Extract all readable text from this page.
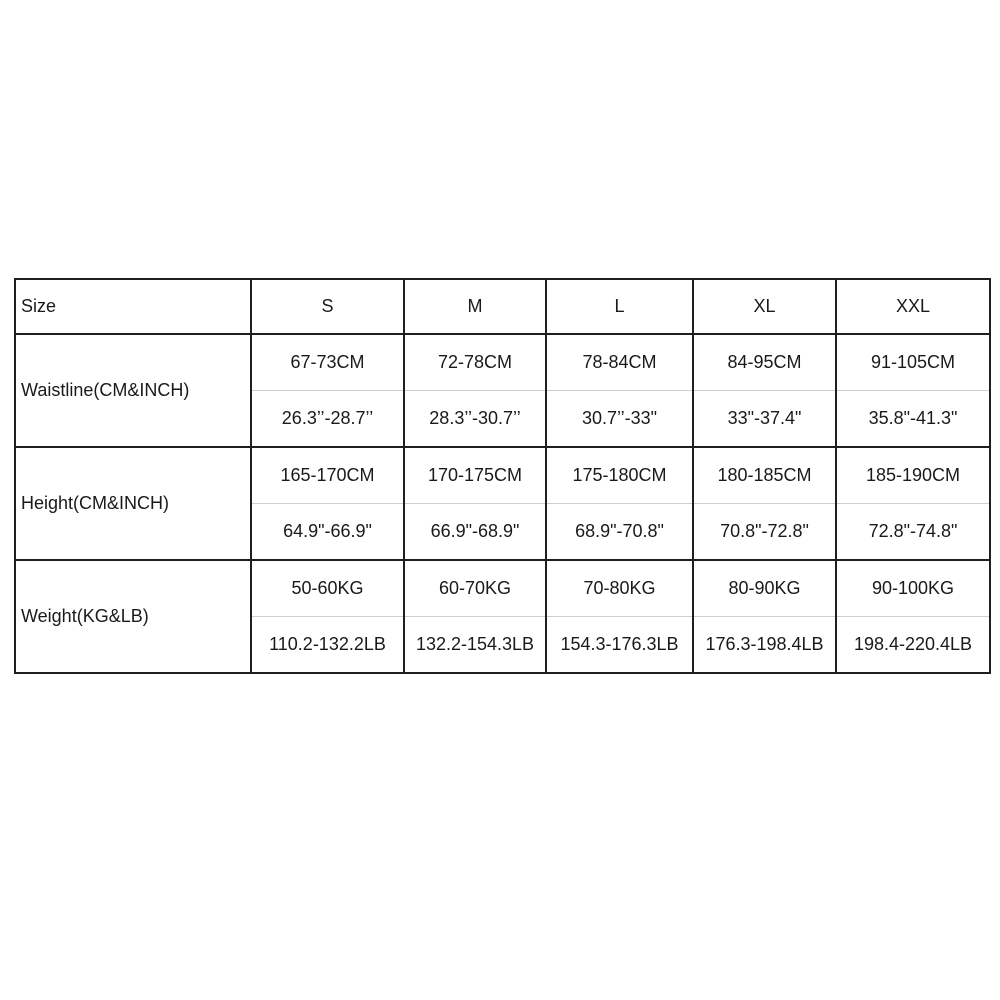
Size	S	M	L	XL	XXL
Waistline(CM&INCH)	67-73CM	72-78CM	78-84CM	84-95CM	91-105CM
	26.3’’-28.7’’	28.3’’-30.7’’	30.7’’-33"	33"-37.4"	35.8"-41.3"
Height(CM&INCH)	165-170CM	170-175CM	175-180CM	180-185CM	185-190CM
	64.9"-66.9"	66.9"-68.9"	68.9"-70.8"	70.8"-72.8"	72.8"-74.8"
Weight(KG&LB)	50-60KG	60-70KG	70-80KG	80-90KG	90-100KG
	110.2-132.2LB	132.2-154.3LB	154.3-176.3LB	176.3-198.4LB	198.4-220.4LB
